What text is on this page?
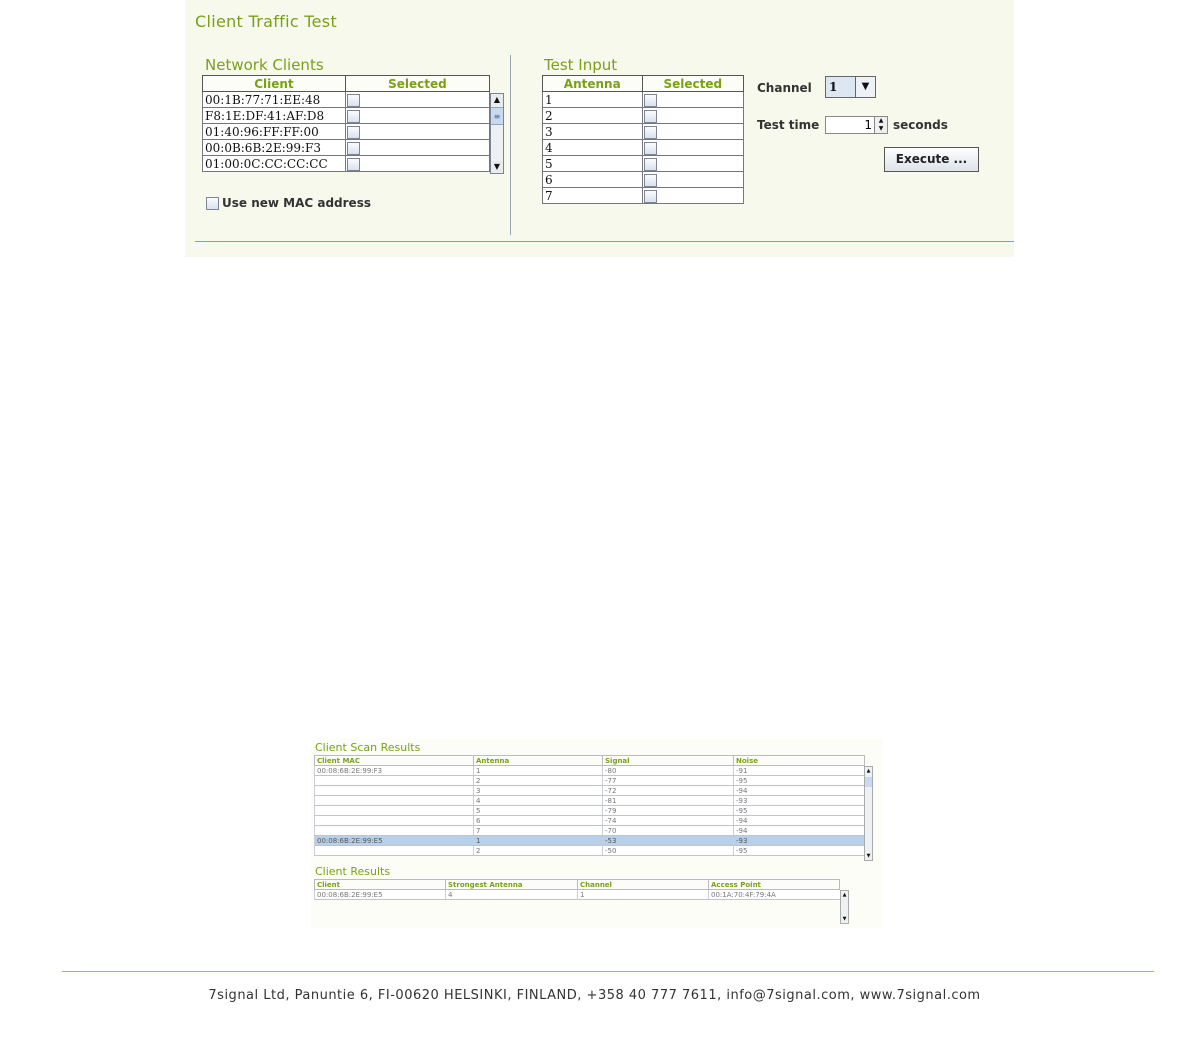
Client Traffic Test
Network Clients
Client	Selected
00:1B:77:71:EE:48	
F8:1E:DF:41:AF:D8	
01:40:96:FF:FF:00	
00:0B:6B:2E:99:F3	
01:00:0C:CC:CC:CC	
▲
≡
▼
Use new MAC address
Test Input
Antenna	Selected
1	
2	
3	
4	
5	
6	
7	
Channel 1	▼
Test time
1	▲
▼ seconds
Execute ...
Client Scan Results
Client MAC	Antenna	Signal	Noise
00:08:6B:2E:99:F3	1	-80	-91
	2	-77	-95
	3	-72	-94
	4	-81	-93
	5	-79	-95
	6	-74	-94
	7	-70	-94
00:08:6B:2E:99:E5	1	-53	-93
	2	-50	-95
▲
▼
Client Results
Client	Strongest Antenna	Channel	Access Point
00:08:6B:2E:99:E5	4	1	00:1A:70:4F:79:4A	▲
▼
7signal Ltd, Panuntie 6, FI-00620 HELSINKI, FINLAND, +358 40 777 7611, info@7signal.com, www.7signal.com
